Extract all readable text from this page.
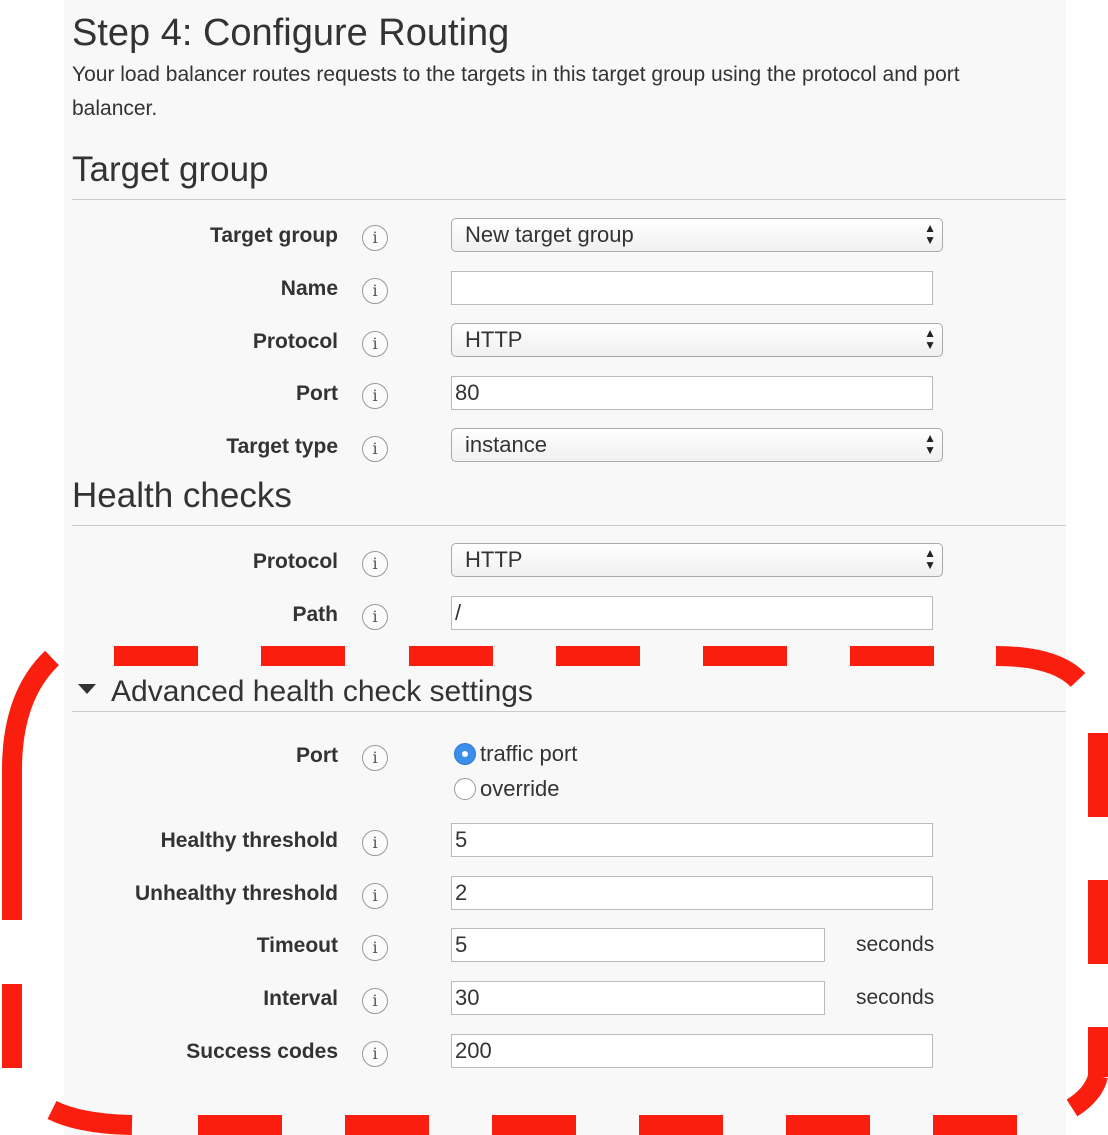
Step 4: Configure Routing
Your load balancer routes requests to the targets in this target group using the protocol and port
balancer.
Target group
Target group	i	New target group	▲
▼
Name	i
Protocol	i	HTTP	▲
▼
Port	i	80
Target type	i	instance	▲
▼
Health checks
Protocol	i	HTTP	▲
▼
Path	i	/
Advanced health check settings
Port	i	traffic port
override
Healthy threshold	i	5
Unhealthy threshold	i	2
Timeout	i	5	seconds
Interval	i	30	seconds
Success codes	i	200
